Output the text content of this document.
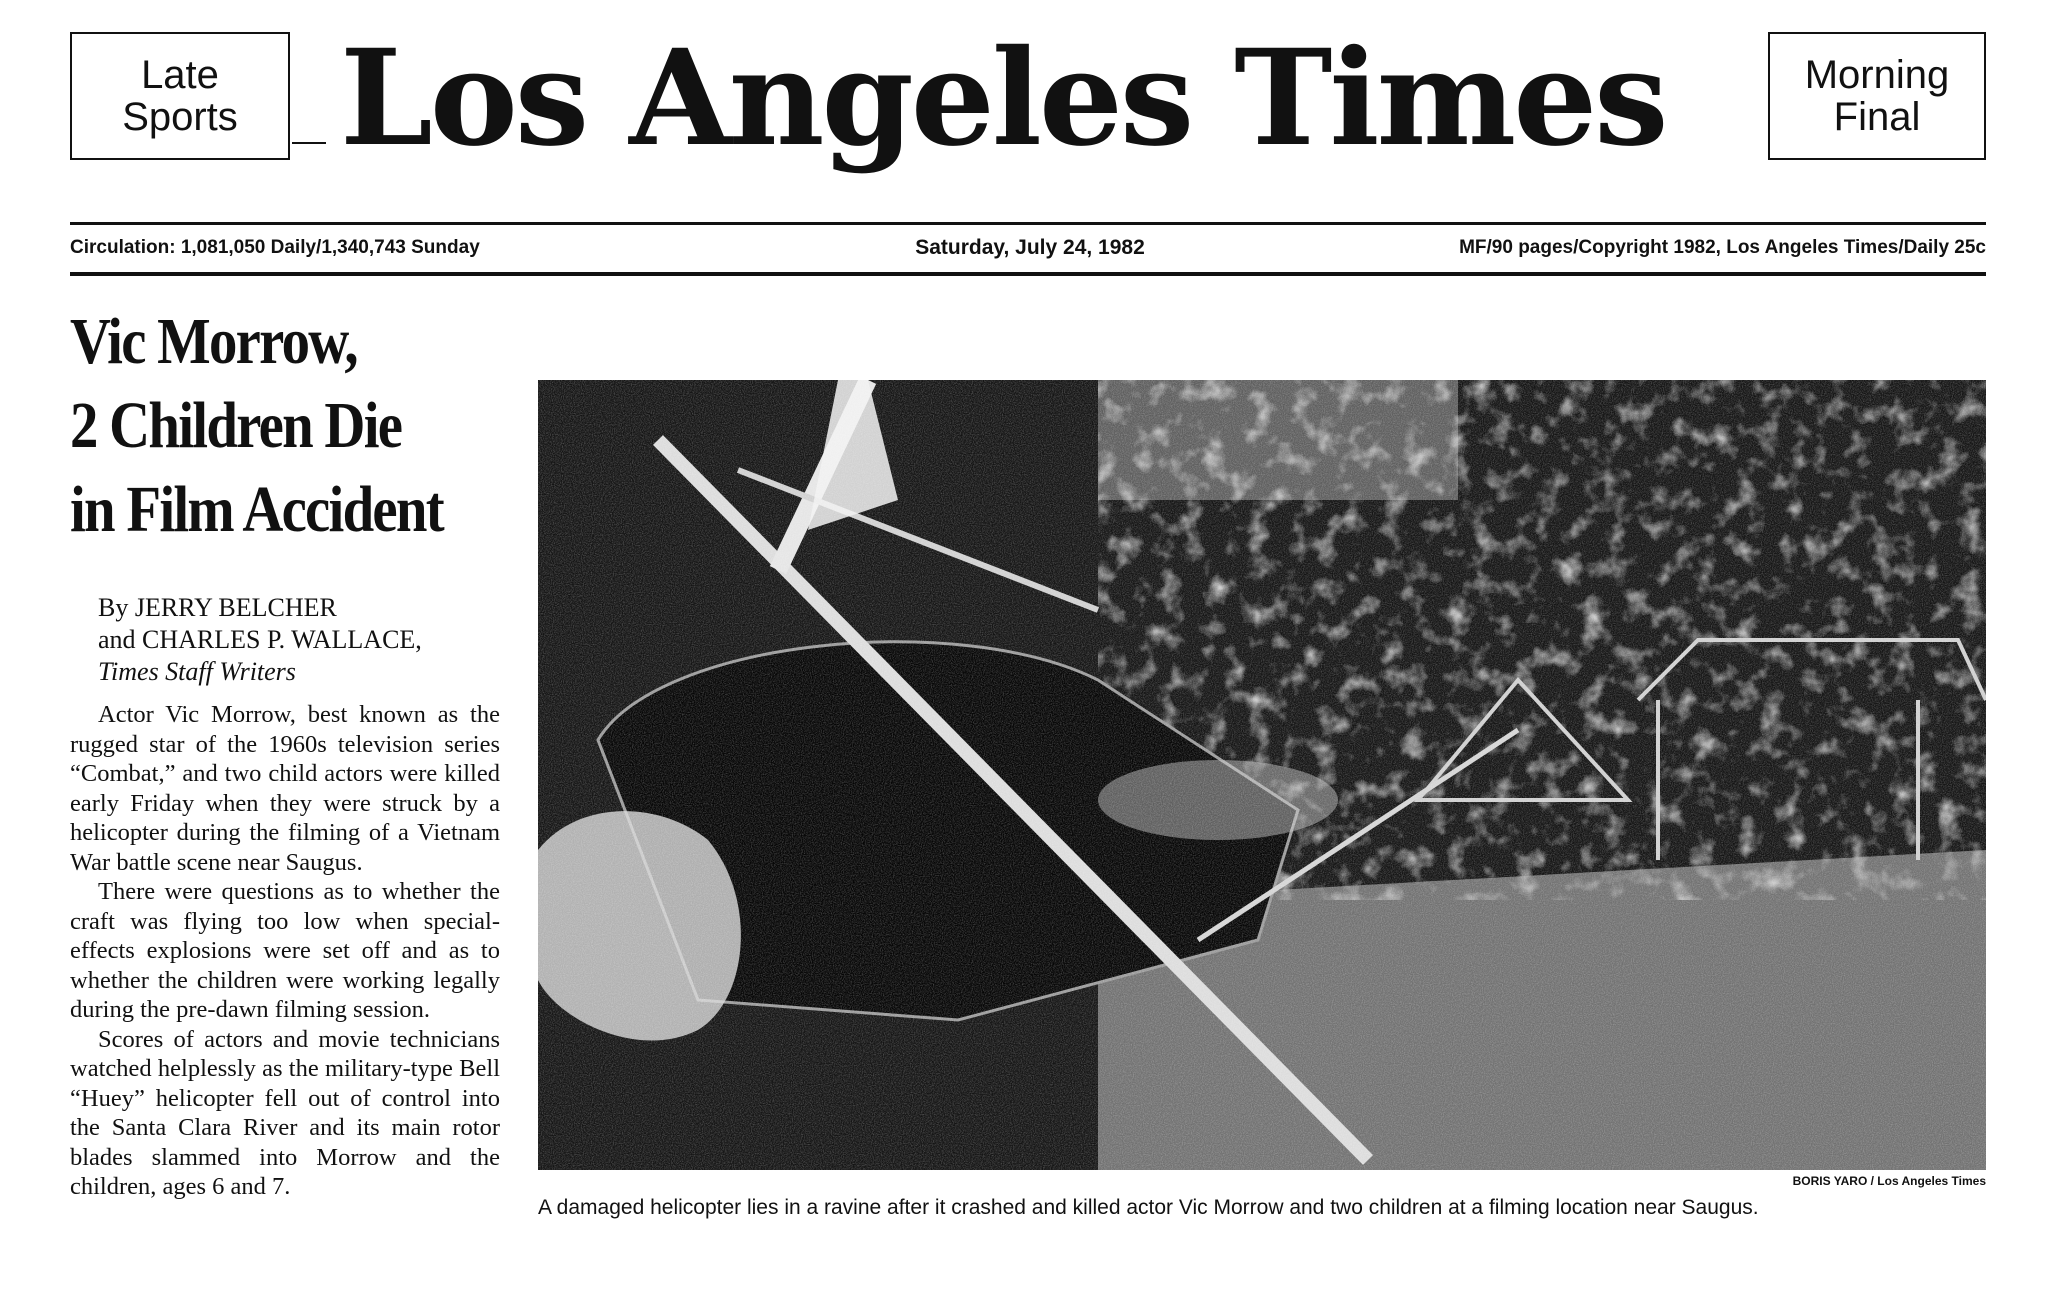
Late
Sports Los Angeles Times	Morning
Final
Circulation: 1,081,050 Daily/1,340,743 Sunday	Saturday, July 24, 1982	MF/90 pages/Copyright 1982, Los Angeles Times/Daily 25c
Vic Morrow,
2 Children Die
in Film Accident
By JERRY BELCHER
and CHARLES P. WALLACE,
Times Staff Writers

Actor Vic Morrow, best known as the rugged star of the 1960s television series “Combat,” and two child actors were killed early Friday when they were struck by a helicopter during the filming of a Vietnam War battle scene near Saugus.

There were questions as to whether the craft was flying too low when special-effects explosions were set off and as to whether the children were working legally during the pre-dawn filming session.

Scores of actors and movie technicians watched helplessly as the military-type Bell “Huey” helicopter fell out of control into the Santa Clara River and its main rotor blades slammed into Morrow and the children, ages 6 and 7.	BORIS YARO / Los Angeles Times
A damaged helicopter lies in a ravine after it crashed and killed actor Vic Morrow and two children at a filming location near Saugus.
